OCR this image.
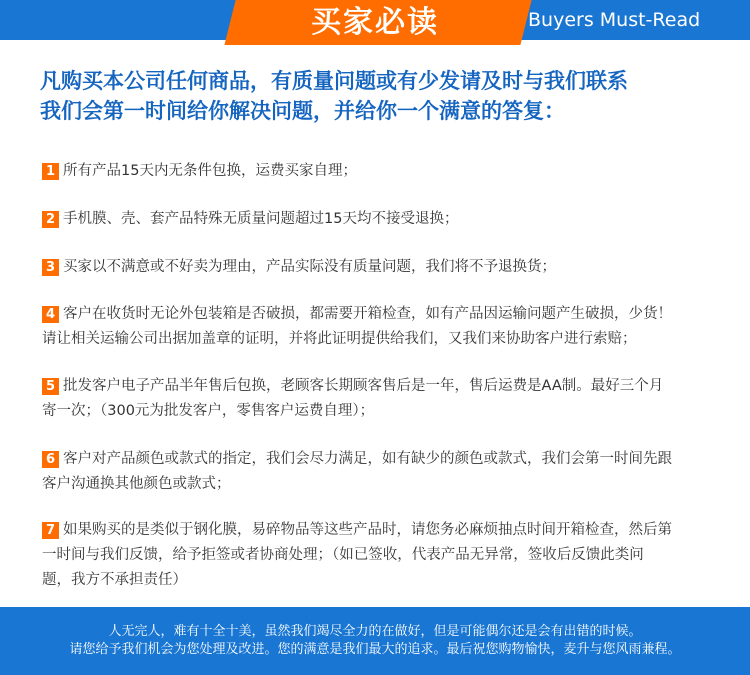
买家必读	Buyers Must-Read
凡购买本公司任何商品，有质量问题或有少发请及时与我们联系
我们会第一时间给你解决问题，并给你一个满意的答复：
1 所有产品15天内无条件包换，运费买家自理；
2 手机膜、壳、套产品特殊无质量问题超过15天均不接受退换；
3 买家以不满意或不好卖为理由，产品实际没有质量问题，我们将不予退换货；
4 客户在收货时无论外包装箱是否破损，都需要开箱检查，如有产品因运输问题产生破损，少货！
请让相关运输公司出据加盖章的证明，并将此证明提供给我们，又我们来协助客户进行索赔；
5 批发客户电子产品半年售后包换，老顾客长期顾客售后是一年，售后运费是AA制。最好三个月
寄一次；（300元为批发客户，零售客户运费自理）；
6 客户对产品颜色或款式的指定，我们会尽力满足，如有缺少的颜色或款式，我们会第一时间先跟
客户沟通换其他颜色或款式；
7 如果购买的是类似于钢化膜，易碎物品等这些产品时，请您务必麻烦抽点时间开箱检查，然后第
一时间与我们反馈，给予拒签或者协商处理；（如已签收，代表产品无异常，签收后反馈此类问
题，我方不承担责任）
人无完人，难有十全十美，虽然我们竭尽全力的在做好，但是可能偶尔还是会有出错的时候。
请您给予我们机会为您处理及改进。您的满意是我们最大的追求。最后祝您购物愉快，麦升与您风雨兼程。
